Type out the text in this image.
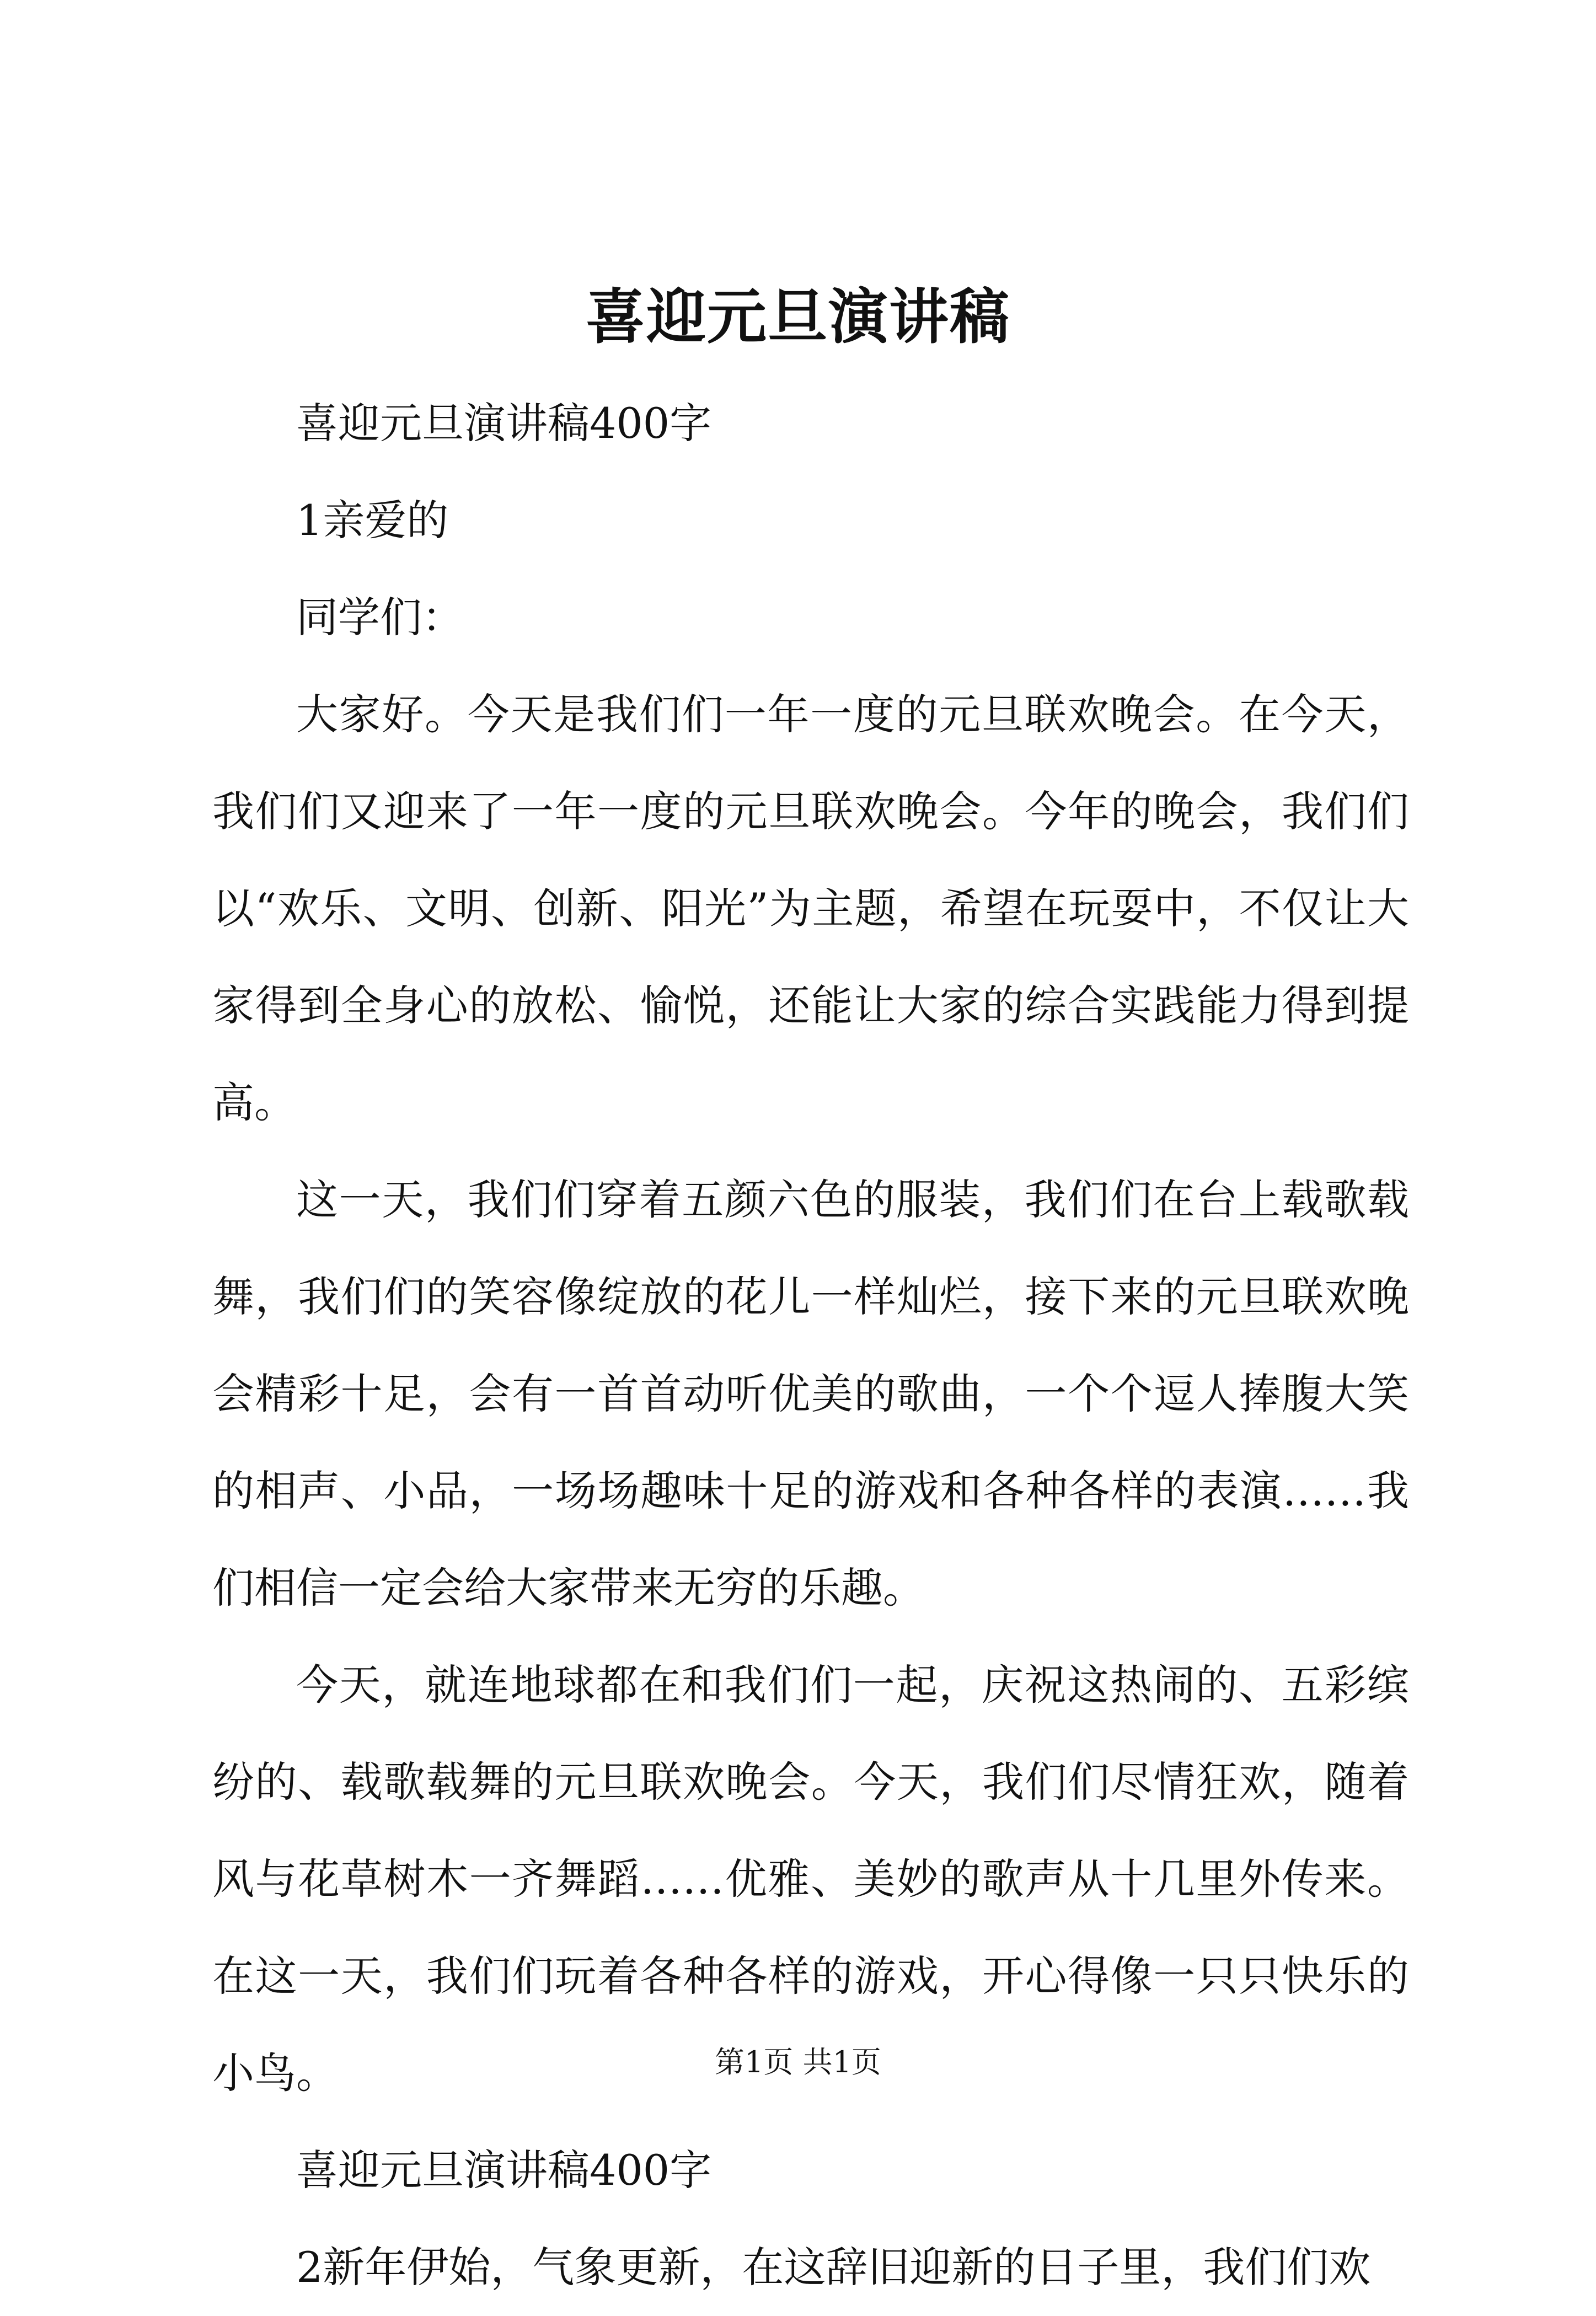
喜迎元旦演讲稿

喜迎元旦演讲稿400字

1亲爱的

同学们：

大家好。今天是我们们一年一度的元旦联欢晚会。在今天，我们们又迎来了一年一度的元旦联欢晚会。今年的晚会，我们们以“欢乐、文明、创新、阳光”为主题，希望在玩耍中，不仅让大家得到全身心的放松、愉悦，还能让大家的综合实践能力得到提高。

这一天，我们们穿着五颜六色的服装，我们们在台上载歌载舞，我们们的笑容像绽放的花儿一样灿烂，接下来的元旦联欢晚会精彩十足，会有一首首动听优美的歌曲，一个个逗人捧腹大笑的相声、小品，一场场趣味十足的游戏和各种各样的表演……我们相信一定会给大家带来无穷的乐趣。

今天，就连地球都在和我们们一起，庆祝这热闹的、五彩缤纷的、载歌载舞的元旦联欢晚会。今天，我们们尽情狂欢，随着风与花草树木一齐舞蹈……优雅、美妙的歌声从十几里外传来。在这一天，我们们玩着各种各样的游戏，开心得像一只只快乐的小鸟。

喜迎元旦演讲稿400字

2新年伊始，气象更新，在这辞旧迎新的日子里，我们们欢

第1页 共1页
